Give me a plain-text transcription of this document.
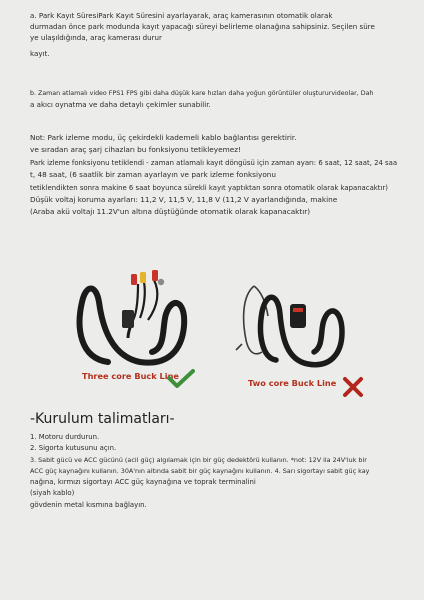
a. Park Kayıt SüresiPark Kayıt Süresini ayarlayarak, araç kamerasının otomatik olarak
durmadan önce park modunda kayıt yapacağı süreyi belirleme olanağına sahipsiniz. Seçilen süre
ye ulaşıldığında, araç kamerası durur
kayıt.
b. Zaman atlamalı video FPS1 FPS gibi daha düşük kare hızları daha yoğun görüntüler oluştururvideolar, Dah
a akıcı oynatma ve daha detaylı çekimler sunabilir.
Not: Park izleme modu, üç çekirdekli kademeli kablo bağlantısı gerektirir.
ve sıradan araç şarj cihazları bu fonksiyonu tetikleyemez!
Park izleme fonksiyonu tetiklendi - zaman atlamalı kayıt döngüsü için zaman ayarı: 6 saat, 12 saat, 24 saa
t, 48 saat, (6 saatlik bir zaman ayarlayın ve park izleme fonksiyonu
tetiklendikten sonra makine 6 saat boyunca sürekli kayıt yaptıktan sonra otomatik olarak kapanacaktır)
Düşük voltaj koruma ayarları: 11,2 V, 11,5 V, 11,8 V (11,2 V ayarlandığında, makine
(Araba akü voltajı 11.2V'un altına düştüğünde otomatik olarak kapanacaktır)
Three core Buck Line
Two core Buck Line
-Kurulum talimatları-
1. Motoru durdurun.
2. Sigorta kutusunu açın.
3. Sabit gücü ve ACC gücünü (acil güç) algılamak için bir güç dedektörü kullanın. *not: 12V ila 24V'luk bir
ACC güç kaynağını kullanın. 30A'nın altında sabit bir güç kaynağını kullanın. 4. Sarı sigortayı sabit güç kay
nağına, kırmızı sigortayı ACC güç kaynağına ve toprak terminalini
(siyah kablo)
gövdenin metal kısmına bağlayın.
